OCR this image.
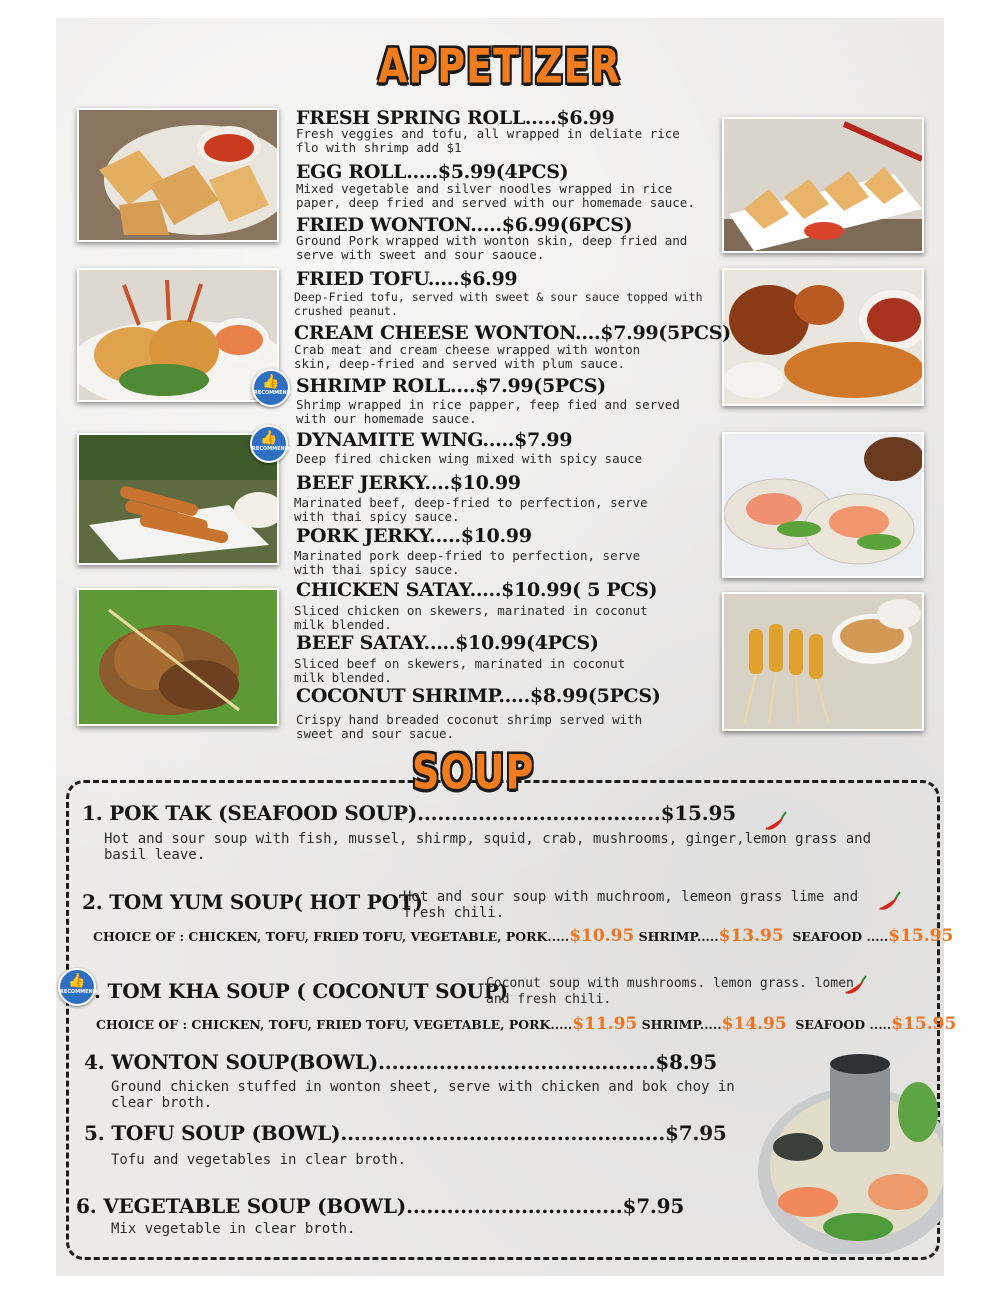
APPETIZER
👍
RECOMMEND
👍
RECOMMEND
FRESH SPRING ROLL.....$6.99
Fresh veggies and tofu, all wrapped in deliate rice flo with shrimp add $1
EGG ROLL.....$5.99(4PCS)
Mixed vegetable and silver noodles wrapped in rice paper, deep fried and served with our homemade sauce.
FRIED WONTON.....$6.99(6PCS)
Ground Pork wrapped with wonton skin, deep fried and serve with sweet and sour saouce.
FRIED TOFU.....$6.99
Deep-Fried tofu, served with sweet & sour sauce topped with crushed peanut.
CREAM CHEESE WONTON....$7.99(5PCS)
Crab meat and cream cheese wrapped with wonton skin, deep-fried and served with plum sauce.
SHRIMP ROLL....$7.99(5PCS)
Shrimp wrapped in rice papper, feep fied and served with our homemade sauce.
DYNAMITE WING.....$7.99
Deep fired chicken wing mixed with spicy sauce
BEEF JERKY....$10.99
Marinated beef, deep-fried to perfection, serve with thai spicy sauce.
PORK JERKY.....$10.99
Marinated pork deep-fried to perfection, serve with thai spicy sauce.
CHICKEN SATAY.....$10.99( 5 PCS)
Sliced chicken on skewers, marinated in coconut milk blended.
BEEF SATAY.....$10.99(4PCS)
Sliced beef on skewers, marinated in coconut milk blended.
COCONUT SHRIMP.....$8.99(5PCS)
Crispy hand breaded coconut shrimp served with sweet and sour sacue.
SOUP
1. POK TAK (SEAFOOD SOUP)....................................$15.95
Hot and sour soup with fish, mussel, shirmp, squid, crab, mushrooms, ginger,lemon grass and basil leave.
2. TOM YUM SOUP( HOT POT)
Hot and sour soup with muchroom, lemeon grass lime and fresh chili.
CHOICE OF : CHICKEN, TOFU, FRIED TOFU, VEGETABLE, PORK.....$10.95 SHRIMP.....$13.95 SEAFOOD .....$15.95
👍
RECOMMEND
. TOM KHA SOUP ( COCONUT SOUP)
Coconut soup with mushrooms. lemon grass. lomen and fresh chili.
CHOICE OF : CHICKEN, TOFU, FRIED TOFU, VEGETABLE, PORK.....$11.95 SHRIMP.....$14.95 SEAFOOD .....$15.95
4. WONTON SOUP(BOWL).........................................$8.95
Ground chicken stuffed in wonton sheet, serve with chicken and bok choy in clear broth.
5. TOFU SOUP (BOWL)................................................$7.95
Tofu and vegetables in clear broth.
6. VEGETABLE SOUP (BOWL)................................$7.95
Mix vegetable in clear broth.
